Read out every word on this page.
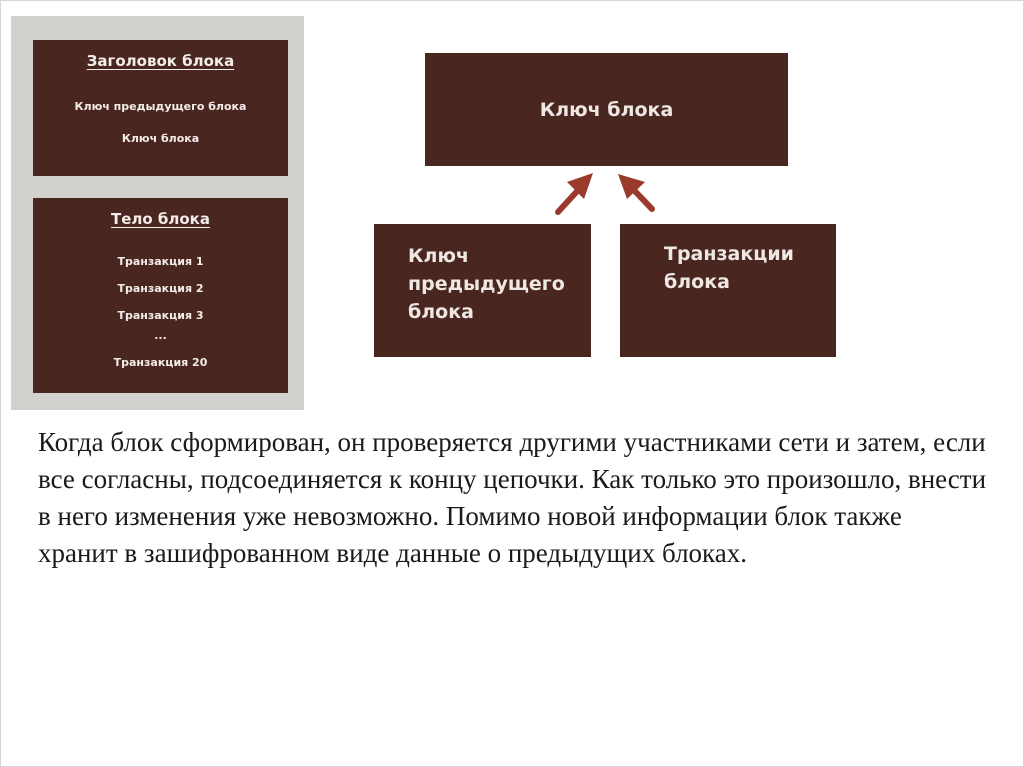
Заголовок блока
Ключ предыдущего блока
Ключ блока
Тело блока
Транзакция 1
Транзакция 2
Транзакция 3
...
Транзакция 20
Ключ блока
Ключ
предыдущего
блока
Транзакции
блока

Когда блок сформирован, он проверяется другими участниками сети и затем, если все согласны, подсоединяется к концу цепочки. Как только это произошло, внести в него изменения уже невозможно. Помимо новой информации блок также хранит в зашифрованном виде данные о предыдущих блоках.
